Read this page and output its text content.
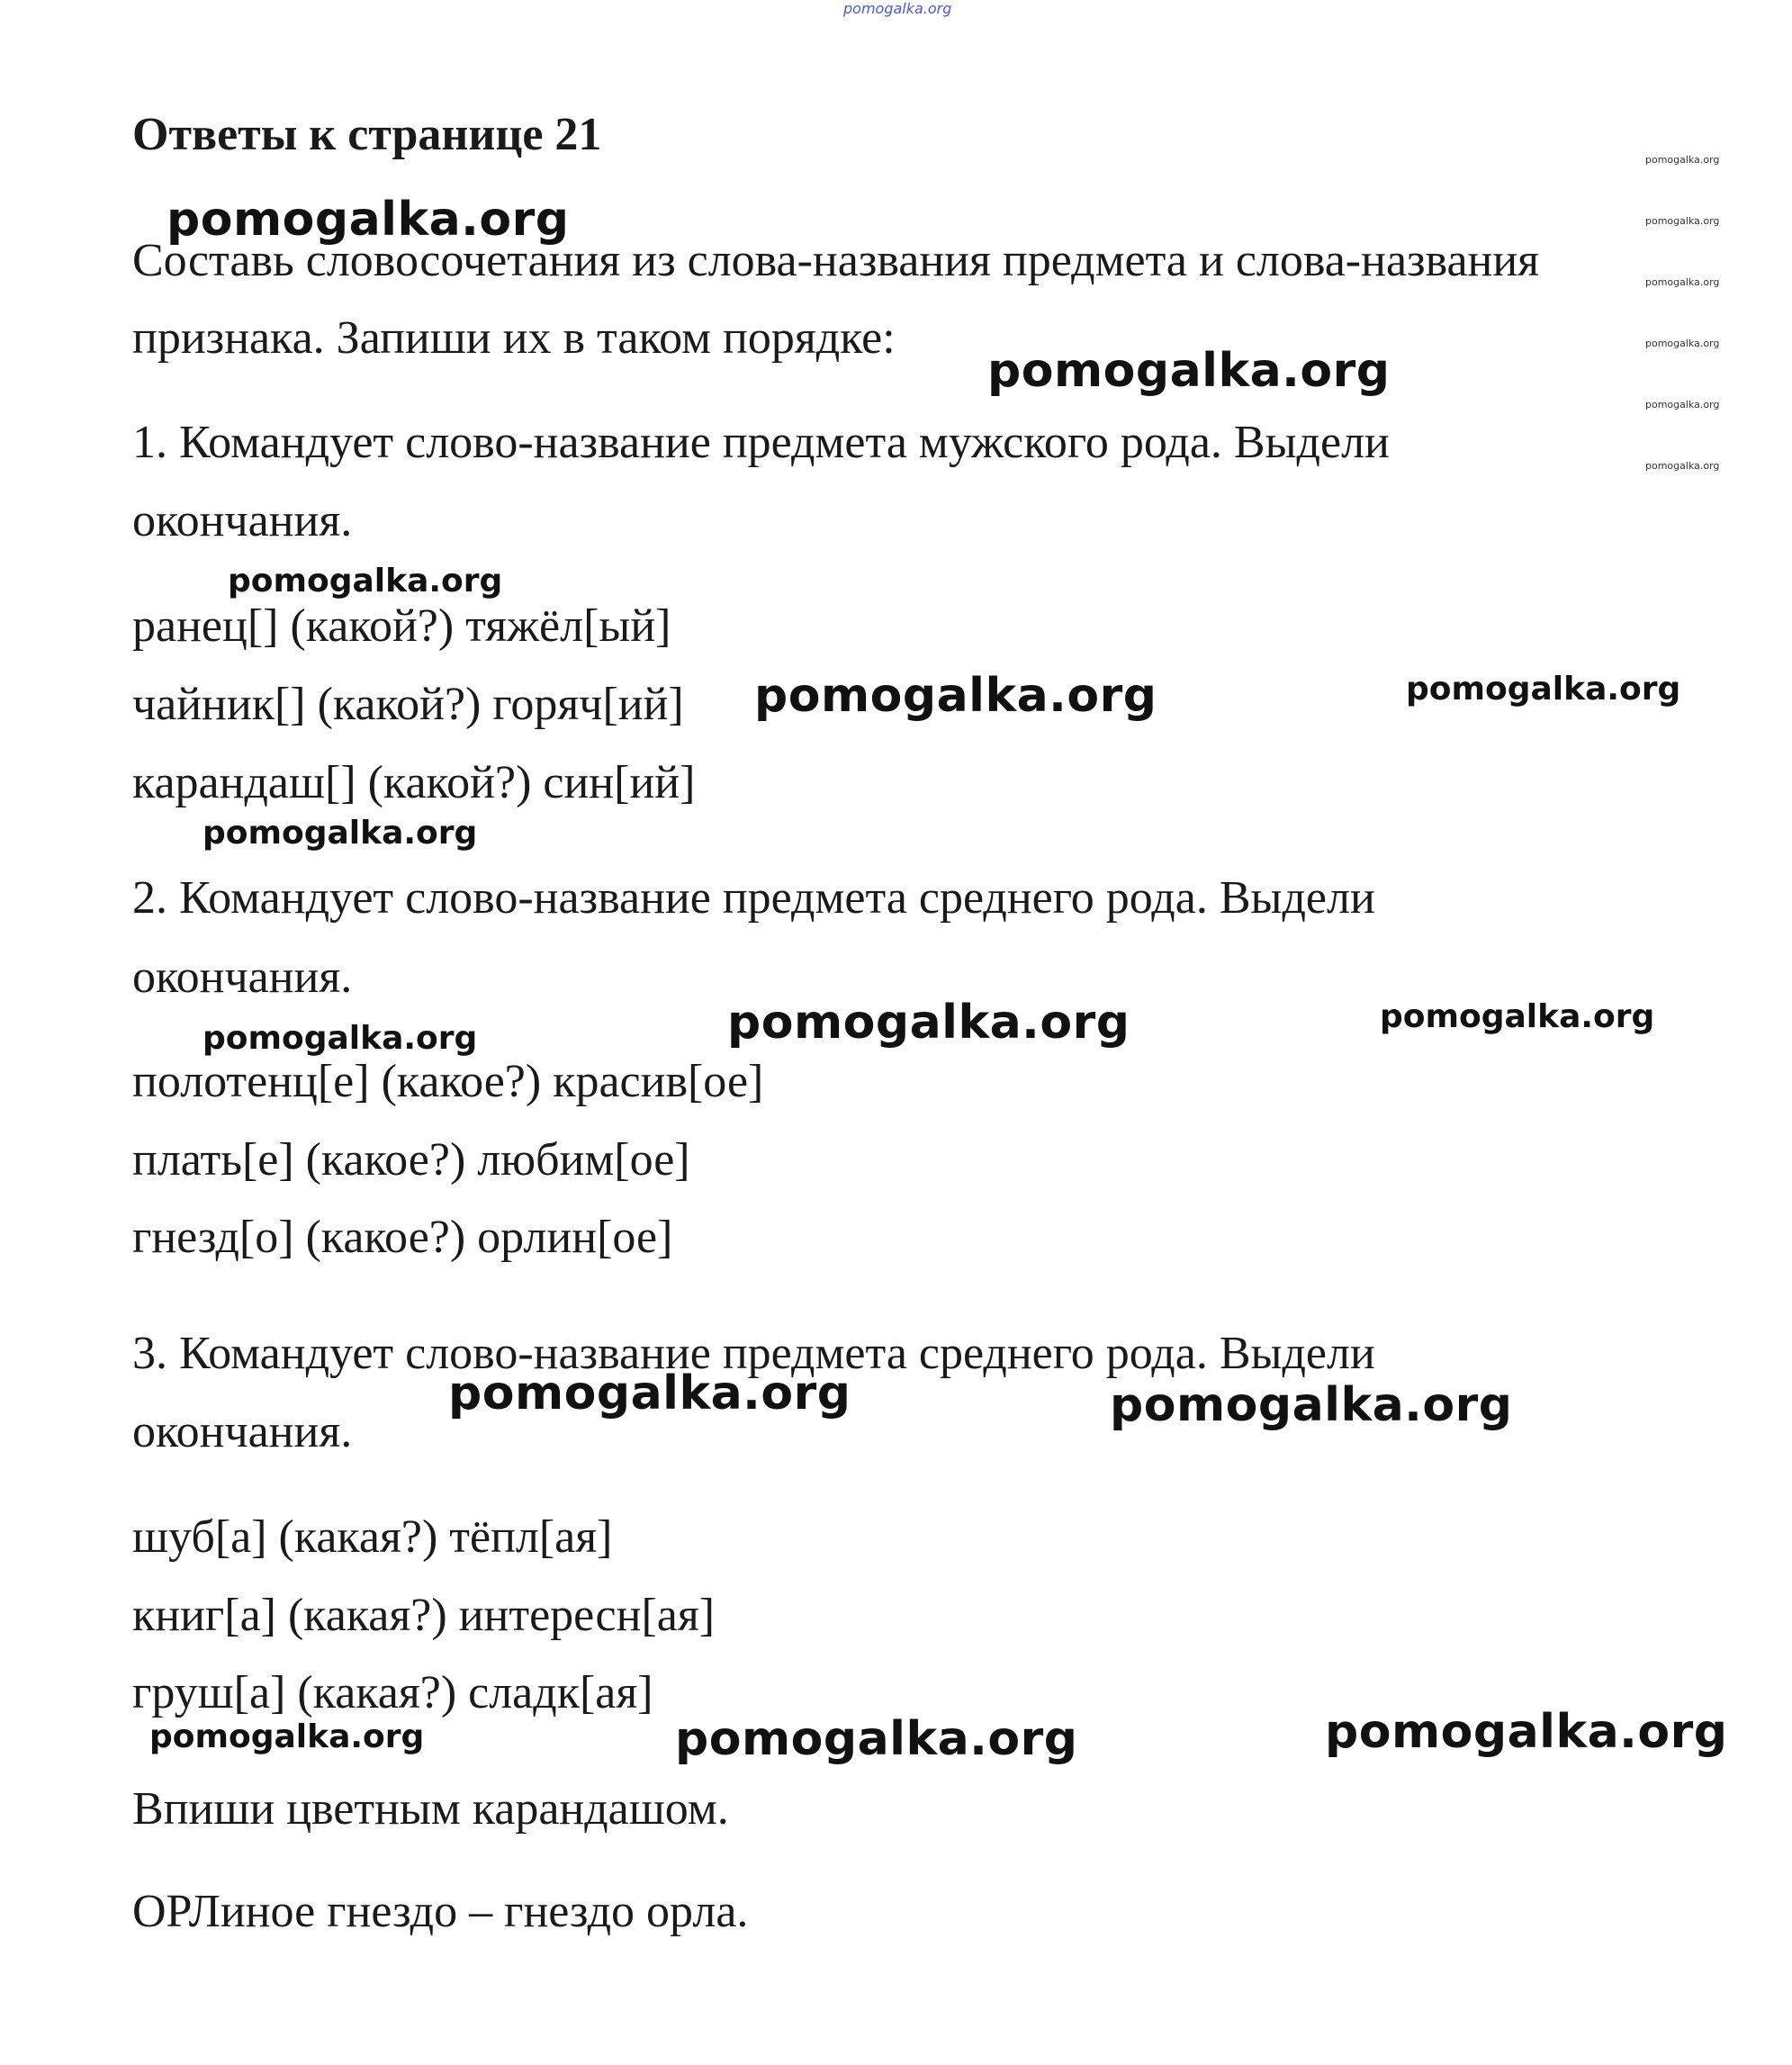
pomogalka.org
Ответы к странице 21	pomogalka.org
pomogalka.org
pomogalka.org
pomogalka.org
pomogalka.org
pomogalka.org

Составь словосочетания из слова-названия предмета и слова-названия

признака. Запиши их в таком порядке:

pomogalka.org
pomogalka.org

1. Командует слово-название предмета мужского рода. Выдели

окончания.

pomogalka.org

ранец[] (какой?) тяжёл[ый]

чайник[] (какой?) горяч[ий] pomogalka.org	pomogalka.org

карандаш[] (какой?) син[ий]

pomogalka.org

2. Командует слово-название предмета среднего рода. Выдели

окончания.

pomogalka.org	pomogalka.org	pomogalka.org

полотенц[е] (какое?) красив[ое]

плать[е] (какое?) любим[ое]

гнезд[о] (какое?) орлин[ое]

3. Командует слово-название предмета среднего рода. Выдели

окончания.

pomogalka.org	pomogalka.org

шуб[а] (какая?) тёпл[ая]

книг[а] (какая?) интересн[ая]

груш[а] (какая?) сладк[ая]

pomogalka.org	pomogalka.org	pomogalka.org

Впиши цветным карандашом.

ОРЛиное гнездо – гнездо орла.
